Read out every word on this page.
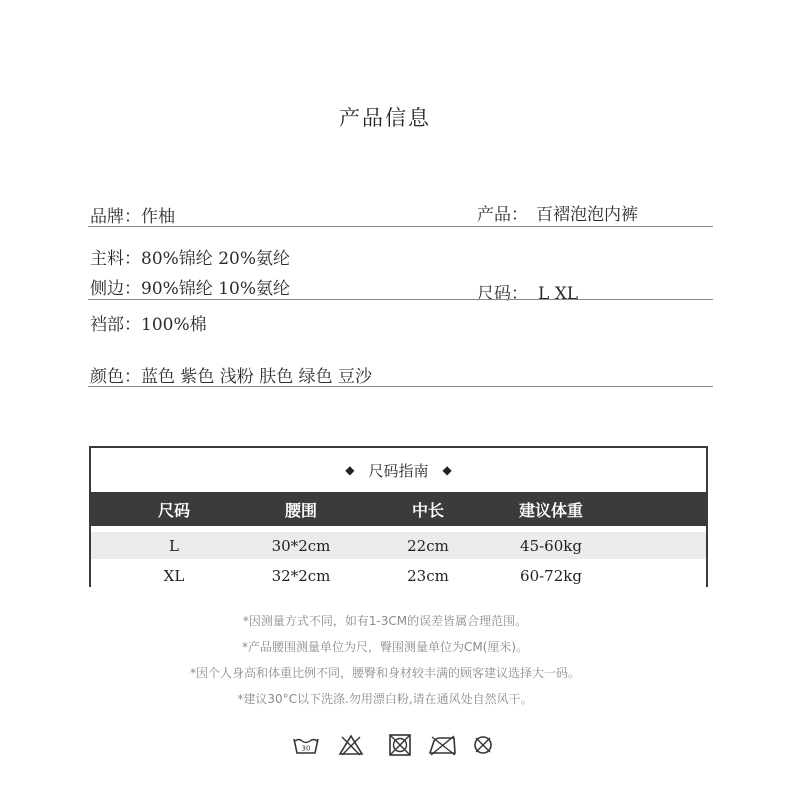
产品信息
品牌：作柚	产品： 百褶泡泡内裤
主料：80%锦纶 20%氨纶
侧边：90%锦纶 10%氨纶	尺码： L XL
裆部：100%棉
颜色：蓝色 紫色 浅粉 肤色 绿色 豆沙
◆ 尺码指南 ◆
尺码	腰围	中长	建议体重
L	30*2cm	22cm	45-60kg
XL	32*2cm	23cm	60-72kg
*因测量方式不同，如有1-3CM的误差皆属合理范围。
*产品腰围测量单位为尺，臀围测量单位为CM(厘米)。
*因个人身高和体重比例不同，腰臀和身材较丰满的顾客建议选择大一码。
*建议30°C以下洗涤.勿用漂白粉,请在通风处自然风干。
30
